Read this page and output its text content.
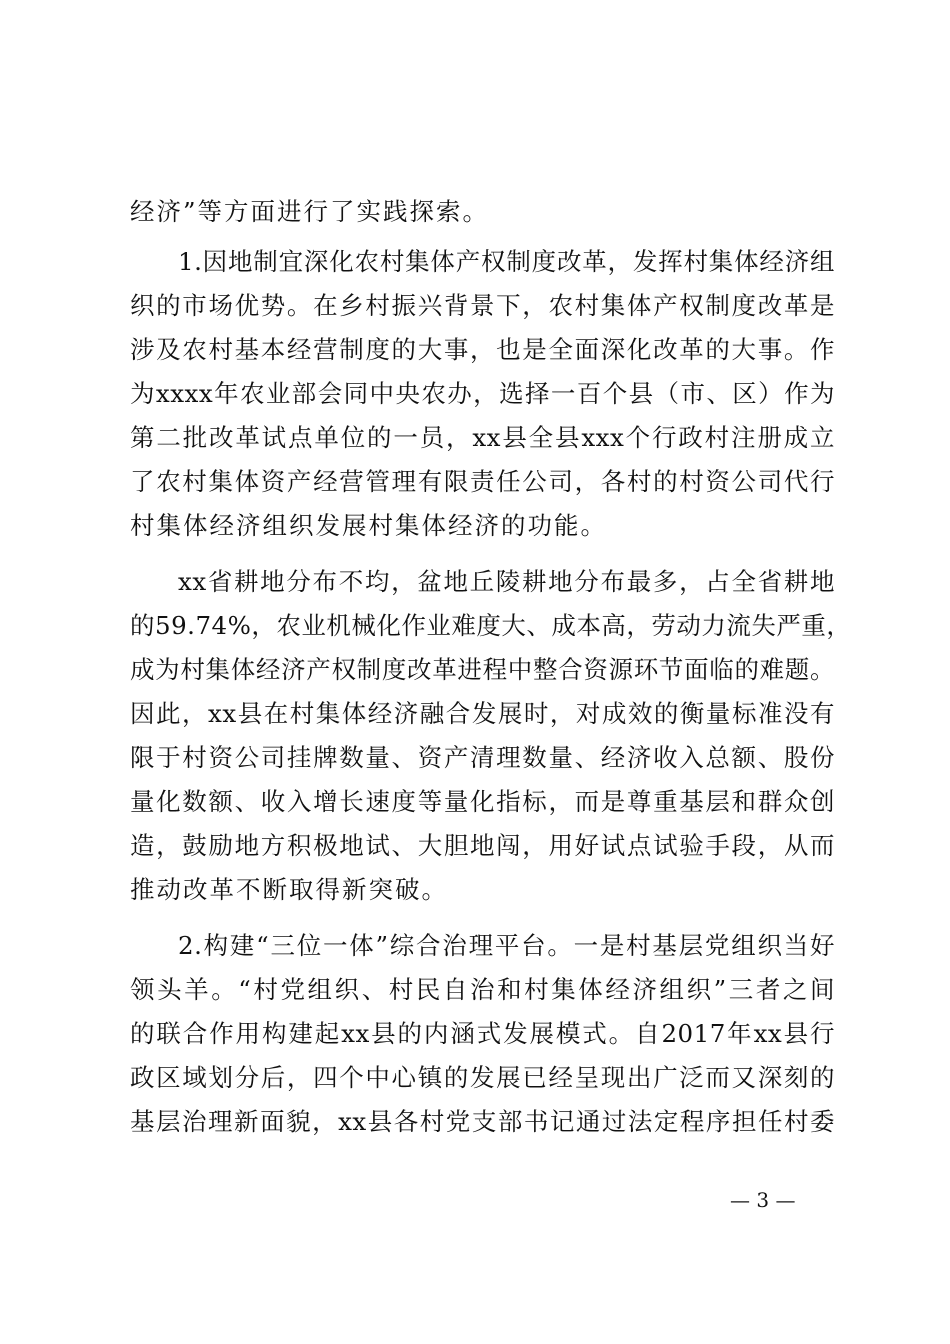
经济”等方面进行了实践探索。
1.因地制宜深化农村集体产权制度改革，发挥村集体经济组
织的市场优势。在乡村振兴背景下，农村集体产权制度改革是
涉及农村基本经营制度的大事，也是全面深化改革的大事。作
为xxxx年农业部会同中央农办，选择一百个县（市、区）作为
第二批改革试点单位的一员，xx县全县xxx个行政村注册成立
了农村集体资产经营管理有限责任公司，各村的村资公司代行
村集体经济组织发展村集体经济的功能。
xx省耕地分布不均，盆地丘陵耕地分布最多，占全省耕地
的59.74%，农业机械化作业难度大、成本高，劳动力流失严重，
成为村集体经济产权制度改革进程中整合资源环节面临的难题。
因此，xx县在村集体经济融合发展时，对成效的衡量标准没有
限于村资公司挂牌数量、资产清理数量、经济收入总额、股份
量化数额、收入增长速度等量化指标，而是尊重基层和群众创
造，鼓励地方积极地试、大胆地闯，用好试点试验手段，从而
推动改革不断取得新突破。
2.构建“三位一体”综合治理平台。一是村基层党组织当好
领头羊。“村党组织、村民自治和村集体经济组织”三者之间
的联合作用构建起xx县的内涵式发展模式。自2017年xx县行
政区域划分后，四个中心镇的发展已经呈现出广泛而又深刻的
基层治理新面貌，xx县各村党支部书记通过法定程序担任村委
— 3 —
